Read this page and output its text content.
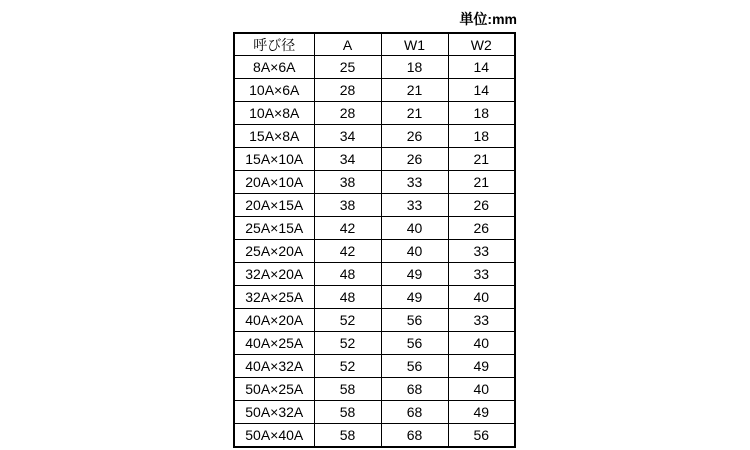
単位:mm
呼び径	A	W1	W2
8A×6A	25	18	14
10A×6A	28	21	14
10A×8A	28	21	18
15A×8A	34	26	18
15A×10A	34	26	21
20A×10A	38	33	21
20A×15A	38	33	26
25A×15A	42	40	26
25A×20A	42	40	33
32A×20A	48	49	33
32A×25A	48	49	40
40A×20A	52	56	33
40A×25A	52	56	40
40A×32A	52	56	49
50A×25A	58	68	40
50A×32A	58	68	49
50A×40A	58	68	56
